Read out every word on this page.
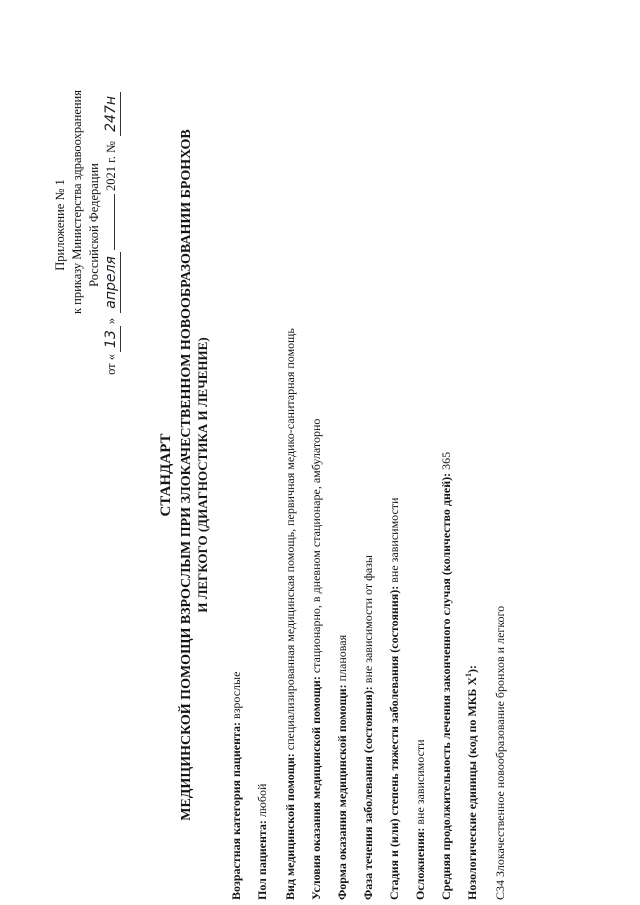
Приложение № 1 к приказу Министерства здравоохранения Российской Федерации
от «13» апреля 2021 г. № 247н
СТАНДАРТ МЕДИЦИНСКОЙ ПОМОЩИ ВЗРОСЛЫМ ПРИ ЗЛОКАЧЕСТВЕННОМ НОВООБРАЗОВАНИИ БРОНХОВ И ЛЕГКОГО (ДИАГНОСТИКА И ЛЕЧЕНИЕ)
Возрастная категория пациента: взрослые
Пол пациента: любой Вид медицинской помощи: специализированная медицинская помощь, первичная медико-санитарная помощь
Условия оказания медицинской помощи: стационарно, в дневном стационаре, амбулаторно
Форма оказания медицинской помощи: плановая
Фаза течения заболевания (состояния): вне зависимости от фазы Стадия и (или) степень тяжести заболевания (состояния): вне зависимости
Осложнения: вне зависимости Средняя продолжительность лечения законченного случая (количество дней): 365
Нозологические единицы (код по МКБ $X^1$): С34 Злокачественное новообразование бронхов и легкого
